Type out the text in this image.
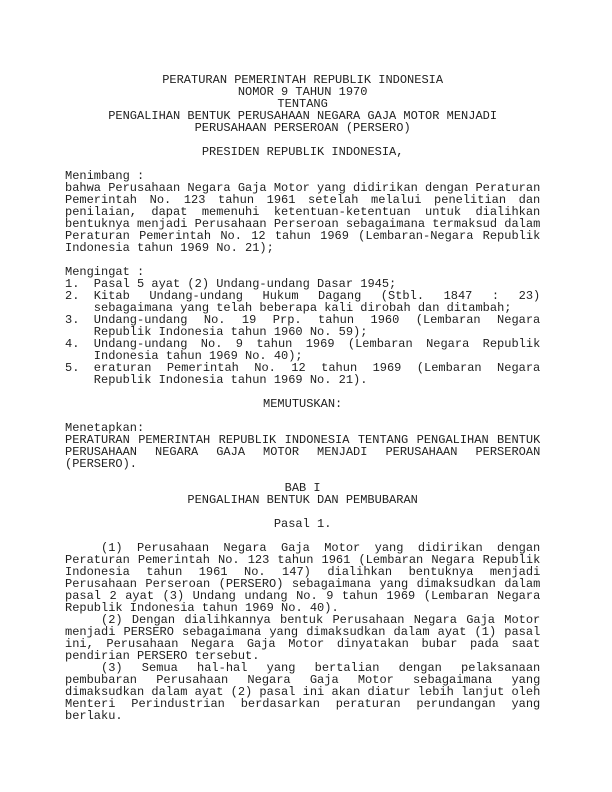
PERATURAN PEMERINTAH REPUBLIK INDONESIA
NOMOR 9 TAHUN 1970
TENTANG
PENGALIHAN BENTUK PERUSAHAAN NEGARA GAJA MOTOR MENJADI
PERUSAHAAN PERSEROAN (PERSERO)

PRESIDEN REPUBLIK INDONESIA,

Menimbang :
bahwa Perusahaan Negara Gaja Motor yang didirikan dengan Peraturan
Pemerintah No. 123 tahun 1961 setelah melalui penelitian dan
penilaian, dapat memenuhi ketentuan-ketentuan untuk dialihkan
bentuknya menjadi Perusahaan Perseroan sebagaimana termaksud dalam
Peraturan Pemerintah No. 12 tahun 1969 (Lembaran-Negara Republik
Indonesia tahun 1969 No. 21);

Mengingat :
1.	Pasal 5 ayat (2) Undang-undang Dasar 1945;
2.	Kitab Undang-undang Hukum Dagang (Stbl. 1847 : 23)
sebagaimana yang telah beberapa kali dirobah dan ditambah;
3.	Undang-undang No. 19 Prp. tahun 1960 (Lembaran Negara
Republik Indonesia tahun 1960 No. 59);
4.	Undang-undang No. 9 tahun 1969 (Lembaran Negara Republik
Indonesia tahun 1969 No. 40);
5.	eraturan Pemerintah No. 12 tahun 1969 (Lembaran Negara
Republik Indonesia tahun 1969 No. 21).

MEMUTUSKAN:

Menetapkan:
PERATURAN PEMERINTAH REPUBLIK INDONESIA TENTANG PENGALIHAN BENTUK
PERUSAHAAN NEGARA GAJA MOTOR MENJADI PERUSAHAAN PERSEROAN
(PERSERO).

BAB I
PENGALIHAN BENTUK DAN PEMBUBARAN

Pasal 1.

(1) Perusahaan Negara Gaja Motor yang didirikan dengan
Peraturan Pemerintah No. 123 tahun 1961 (Lembaran Negara Republik
Indonesia tahun 1961 No. 147) dialihkan bentuknya menjadi
Perusahaan Perseroan (PERSERO) sebagaimana yang dimaksudkan dalam
pasal 2 ayat (3) Undang undang No. 9 tahun 1969 (Lembaran Negara
Republik Indonesia tahun 1969 No. 40).
(2) Dengan dialihkannya bentuk Perusahaan Negara Gaja Motor
menjadi PERSERO sebagaimana yang dimaksudkan dalam ayat (1) pasal
ini, Perusahaan Negara Gaja Motor dinyatakan bubar pada saat
pendirian PERSERO tersebut.
(3) Semua hal-hal yang bertalian dengan pelaksanaan
pembubaran Perusahaan Negara Gaja Motor sebagaimana yang
dimaksudkan dalam ayat (2) pasal ini akan diatur lebih lanjut oleh
Menteri Perindustrian berdasarkan peraturan perundangan yang
berlaku.
